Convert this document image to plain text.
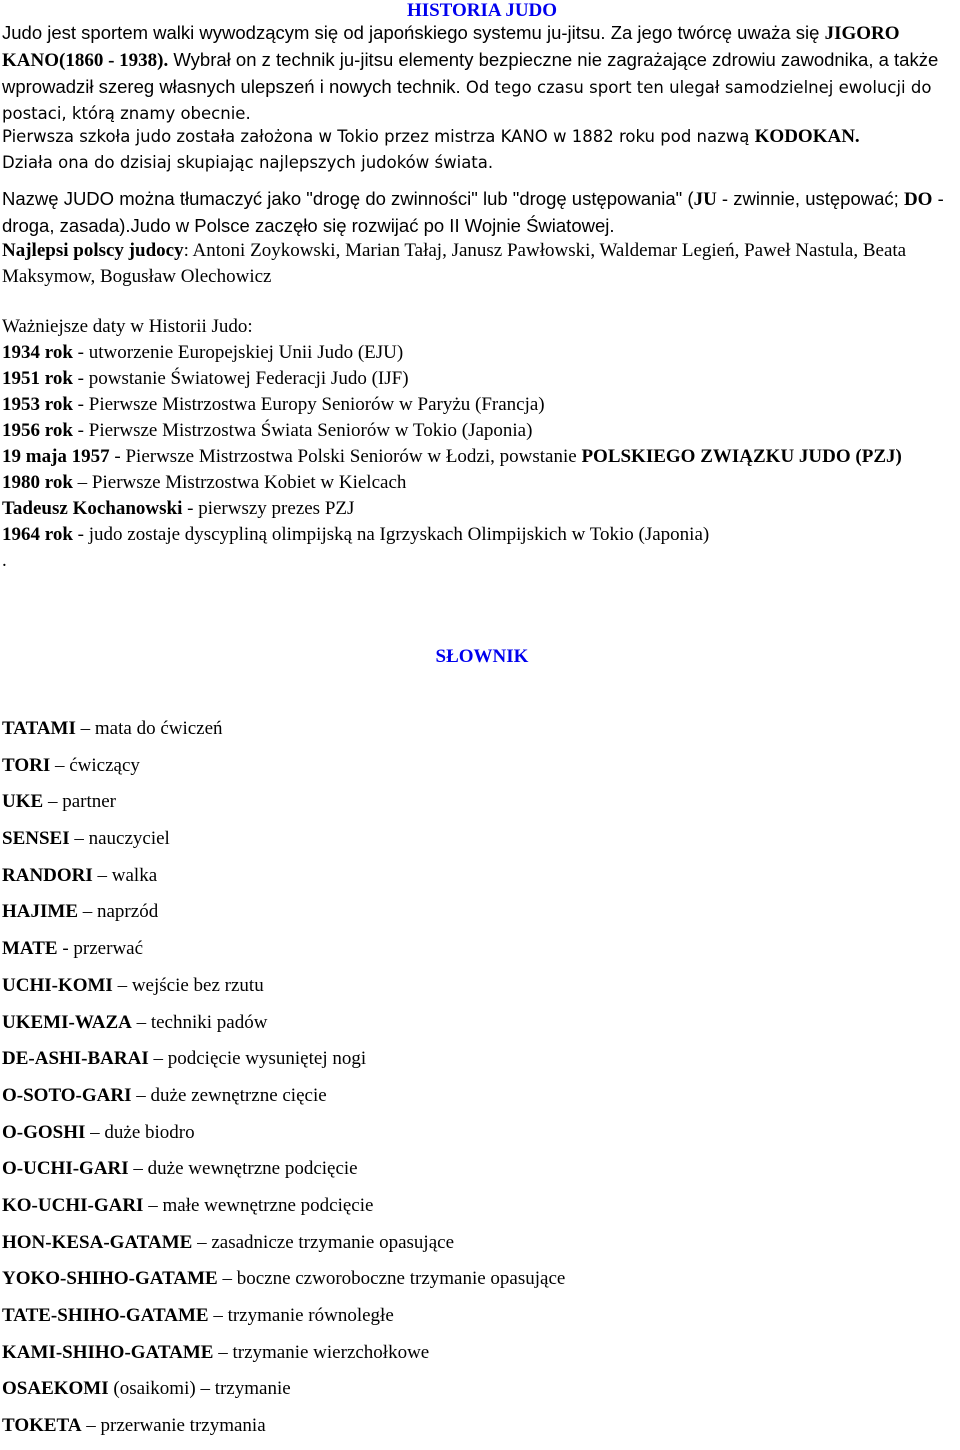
HISTORIA JUDO
Judo jest sportem walki wywodzącym się od japońskiego systemu ju-jitsu. Za jego twórcę uważa się JIGORO KANO(1860 - 1938). Wybrał on z technik ju-jitsu elementy bezpieczne nie zagrażające zdrowiu zawodnika, a także wprowadził szereg własnych ulepszeń i nowych technik. Od tego czasu sport ten ulegał samodzielnej ewolucji do postaci, którą znamy obecnie.
Pierwsza szkoła judo została założona w Tokio przez mistrza KANO w 1882 roku pod nazwą KODOKAN.
Działa ona do dzisiaj skupiając najlepszych judoków świata.
Nazwę JUDO można tłumaczyć jako "drogę do zwinności" lub "drogę ustępowania" (JU - zwinnie, ustępować; DO - droga, zasada).Judo w Polsce zaczęło się rozwijać po II Wojnie Światowej.
Najlepsi polscy judocy: Antoni Zoykowski, Marian Tałaj, Janusz Pawłowski, Waldemar Legień, Paweł Nastula, Beata Maksymow, Bogusław Olechowicz
Ważniejsze daty w Historii Judo:
1934 rok - utworzenie Europejskiej Unii Judo (EJU)
1951 rok - powstanie Światowej Federacji Judo (IJF)
1953 rok - Pierwsze Mistrzostwa Europy Seniorów w Paryżu (Francja)
1956 rok - Pierwsze Mistrzostwa Świata Seniorów w Tokio (Japonia)
19 maja 1957 - Pierwsze Mistrzostwa Polski Seniorów w Łodzi, powstanie POLSKIEGO ZWIĄZKU JUDO (PZJ)
1980 rok – Pierwsze Mistrzostwa Kobiet w Kielcach
Tadeusz Kochanowski - pierwszy prezes PZJ
1964 rok - judo zostaje dyscypliną olimpijską na Igrzyskach Olimpijskich w Tokio (Japonia)
.
SŁOWNIK
TATAMI – mata do ćwiczeń
TORI – ćwiczący
UKE – partner
SENSEI – nauczyciel
RANDORI – walka
HAJIME – naprzód
MATE - przerwać
UCHI-KOMI – wejście bez rzutu
UKEMI-WAZA – techniki padów
DE-ASHI-BARAI – podcięcie wysuniętej nogi
O-SOTO-GARI – duże zewnętrzne cięcie
O-GOSHI – duże biodro
O-UCHI-GARI – duże wewnętrzne podcięcie
KO-UCHI-GARI – małe wewnętrzne podcięcie
HON-KESA-GATAME – zasadnicze trzymanie opasujące
YOKO-SHIHO-GATAME – boczne czworoboczne trzymanie opasujące
TATE-SHIHO-GATAME – trzymanie równoległe
KAMI-SHIHO-GATAME – trzymanie wierzchołkowe
OSAEKOMI (osaikomi) – trzymanie
TOKETA – przerwanie trzymania
